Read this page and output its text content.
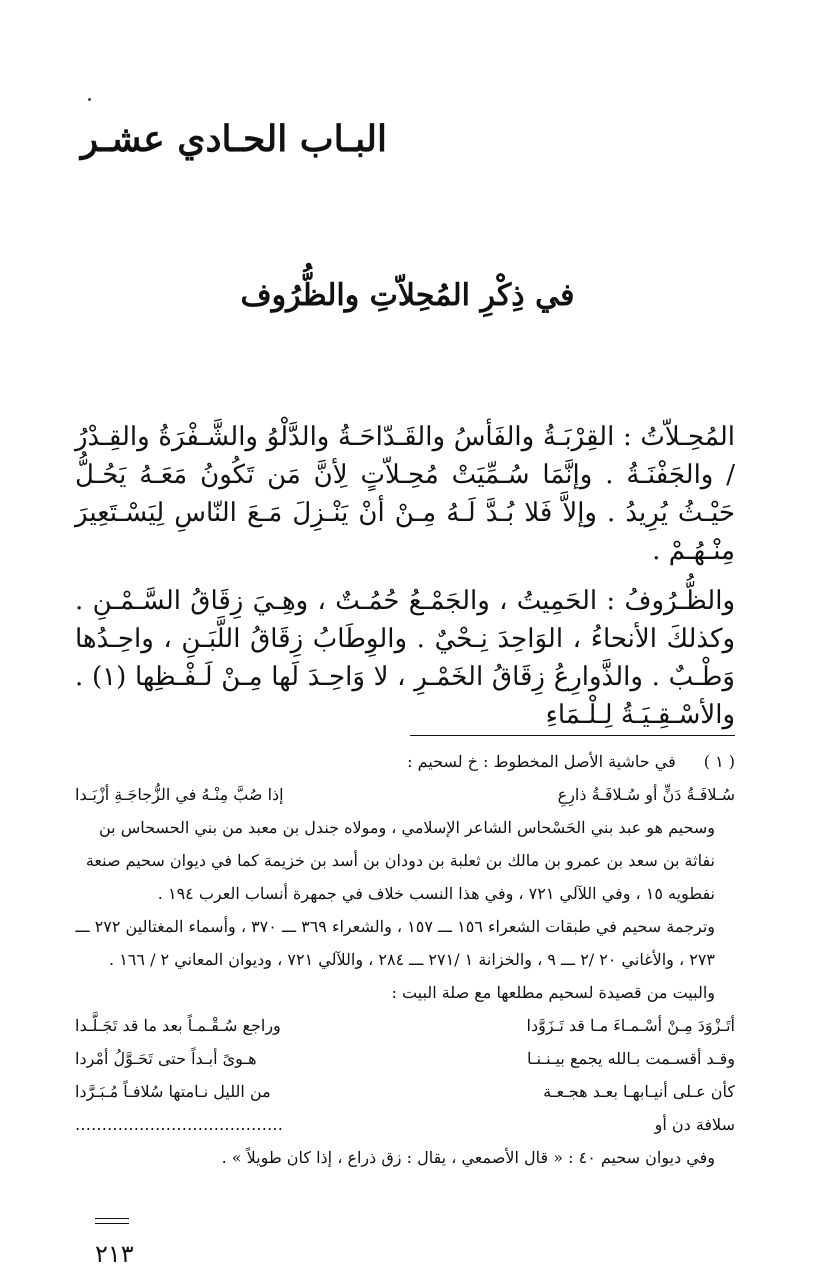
البـاب الحـادي عشـر
في ذِكْرِ المُحِلاّتِ والظُّرُوف

المُحِـلاّتُ : القِرْبَـةُ والفَأسُ والقَـدّاحَـةُ والدَّلْوُ والشَّـفْرَةُ والقِـدْرُ / والجَفْنَـةُ . وإنَّمَا سُـمِّيَتْ مُحِـلاّتٍ لِأنَّ مَن تَكُونُ مَعَـهُ يَحُـلُّ حَيْـثُ يُرِيدُ . وإلاَّ فَلا بُـدَّ لَـهُ مِـنْ أنْ يَنْـزِلَ مَـعَ النّاسِ لِيَسْـتَعِيرَ مِنْـهُـمْ .

والظُّـرُوفُ : الحَمِيتُ ، والجَمْـعُ حُمُـتٌ ، وهِـيَ زِقَاقُ السَّـمْـنِ . وكذلكَ الأنحاءُ ، الوَاحِدَ نِـحْيٌ . والوِطَابُ زِقَاقُ اللَّبَـنِ ، واحِـدُها وَطْـبٌ . والذَّوارِعُ زِقَاقُ الخَمْـرِ ، لا وَاحِـدَ لَها مِـنْ لَـفْـظِها (١) . والأسْـقِـيَـةُ لِـلْـمَاءِ

( ١ )في حاشية الأصل المخطوط : خ لسحيم :

سُـلافَـةُ دَنٍّ أو سُـلافَـةُ ذارِعِ
إذا صُبَّ مِنْـهُ في الزُّجاجَـةِ أزْبَـدا

وسحيم هو عبد بني الحَسْحاس الشاعر الإسلامي ، ومولاه جندل بن معبد من بني الحسحاس بن نفاثة بن سعد بن عمرو بن مالك بن ثعلبة بن دودان بن أسد بن خزيمة كما في ديوان سحيم صنعة نفطويه ١٥ ، وفي اللآلي ٧٢١ ، وفي هذا النسب خلاف في جمهرة أنساب العرب ١٩٤ .

وترجمة سحيم في طبقات الشعراء ١٥٦ ـــ ١٥٧ ، والشعراء ٣٦٩ ـــ ٣٧٠ ، وأسماء المغتالين ٢٧٢ ـــ ٢٧٣ ، والأغاني ٢٠ /٢ ـــ ٩ ، والخزانة ١ /٢٧١ ـــ ٢٨٤ ، واللآلي ٧٢١ ، وديوان المعاني ٢ / ١٦٦ .

والبيت من قصيدة لسحيم مطلعها مع صلة البيت :

أتَـزْوَدَ مِـنْ أسْـمـاءَ مـا قد تَـزَوَّدا
وراجع سُـقْـمـاً بعد ما قد تَجَـلَّـدا
وقـد أقسـمت بـالله يجمع بيـنـنـا
هـوىً أبـداً حتى تَحَـوَّلُ أمْردا
كأن عـلى أنيـابهـا بعـد هجـعـة
من الليل نـامتها سُلافـاً مُـبَـرَّدا
…………………………………	سلافة دن أو

وفي ديوان سحيم ٤٠ : « قال الأصمعي ، يقال : زق ذراع ، إذا كان طويلاً » .

٢١٣
